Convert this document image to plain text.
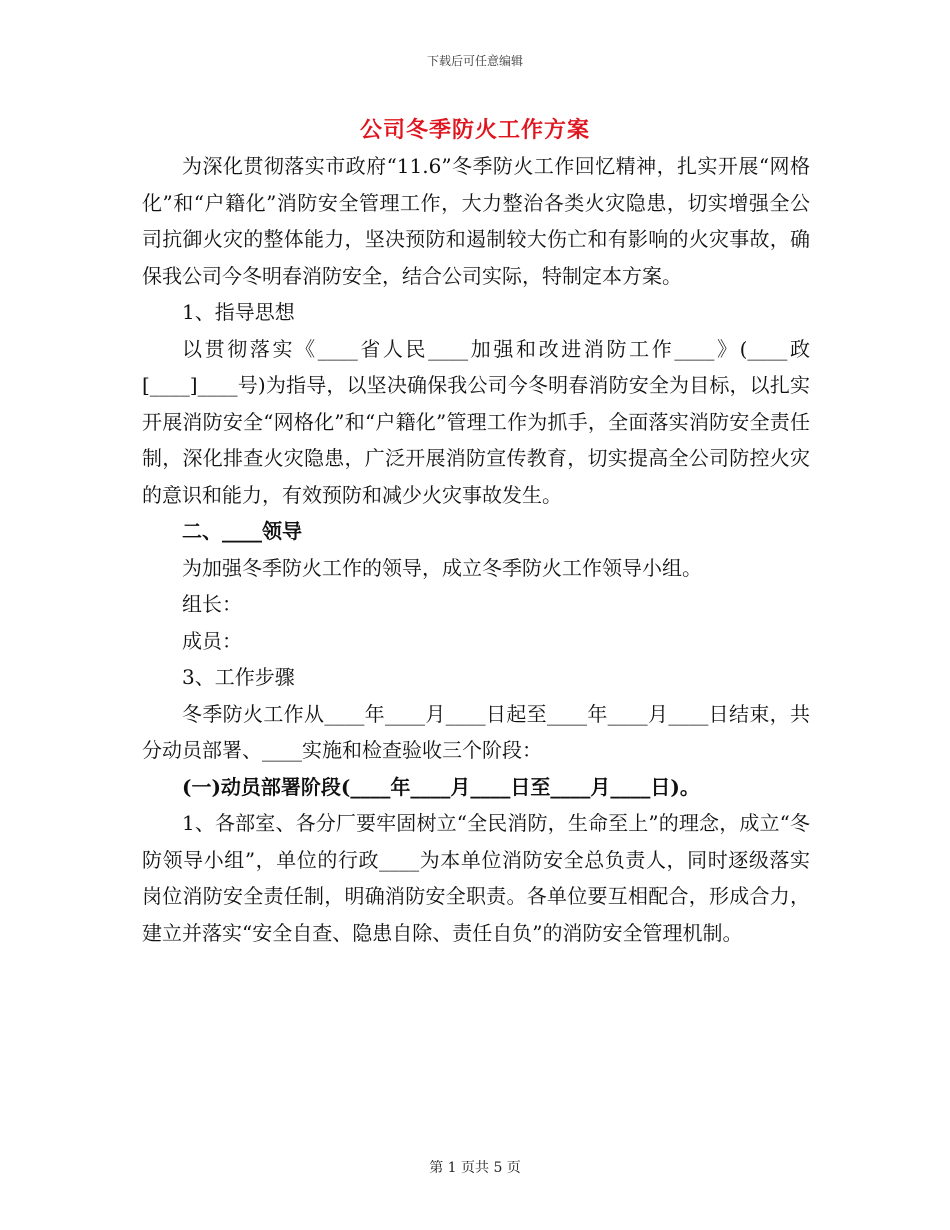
下载后可任意编辑
公司冬季防火工作方案

为深化贯彻落实市政府“11.6”冬季防火工作回忆精神，扎实开展“网格化”和“户籍化”消防安全管理工作，大力整治各类火灾隐患，切实增强全公司抗御火灾的整体能力，坚决预防和遏制较大伤亡和有影响的火灾事故，确保我公司今冬明春消防安全，结合公司实际，特制定本方案。

1、指导思想

以贯彻落实《____省人民____加强和改进消防工作____》(____政[____]____号)为指导，以坚决确保我公司今冬明春消防安全为目标，以扎实开展消防安全“网格化”和“户籍化”管理工作为抓手，全面落实消防安全责任制，深化排查火灾隐患，广泛开展消防宣传教育，切实提高全公司防控火灾的意识和能力，有效预防和减少火灾事故发生。

二、____领导

为加强冬季防火工作的领导，成立冬季防火工作领导小组。

组长：

成员：

3、工作步骤

冬季防火工作从____年____月____日起至____年____月____日结束，共分动员部署、____实施和检查验收三个阶段：

(一)动员部署阶段(____年____月____日至____月____日)。

1、各部室、各分厂要牢固树立“全民消防，生命至上”的理念，成立“冬防领导小组”，单位的行政____为本单位消防安全总负责人，同时逐级落实岗位消防安全责任制，明确消防安全职责。各单位要互相配合，形成合力，建立并落实“安全自查、隐患自除、责任自负”的消防安全管理机制。

第 1 页共 5 页
